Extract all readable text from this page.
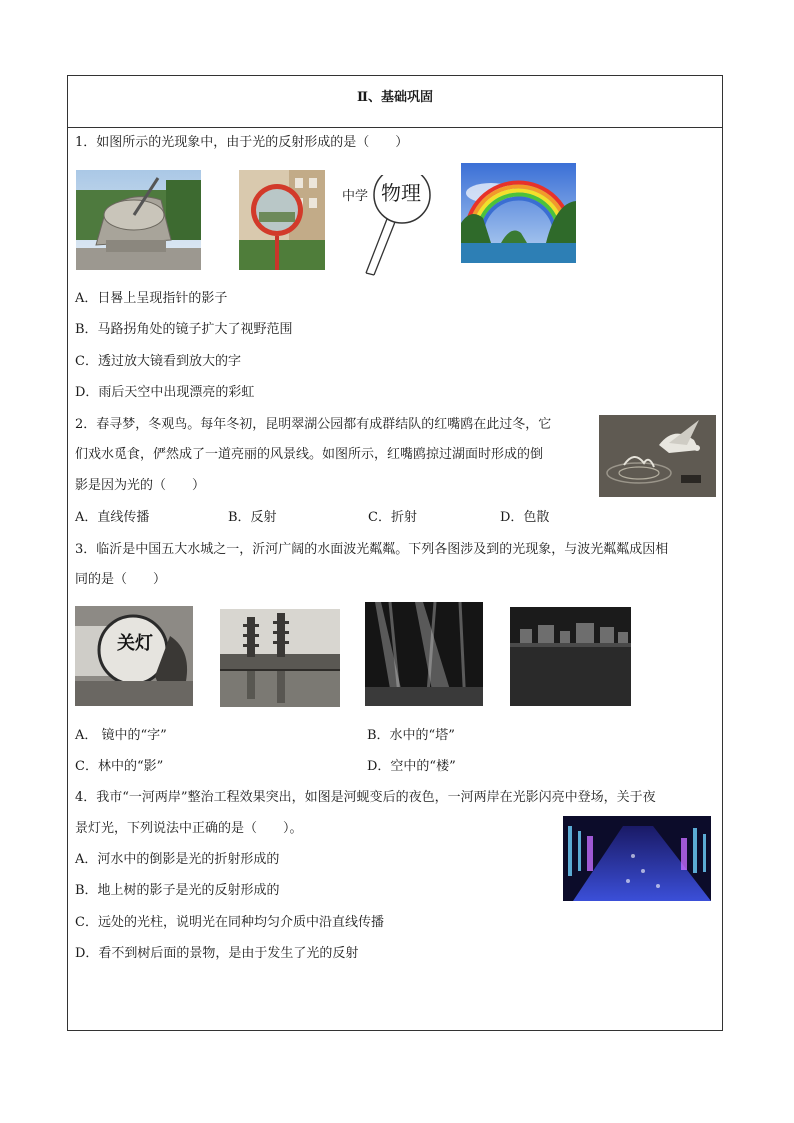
Ⅱ、基础巩固
1．如图所示的光现象中，由于光的反射形成的是（　　）
中学 物理
A．日晷上呈现指针的影子
B．马路拐角处的镜子扩大了视野范围
C．透过放大镜看到放大的字
D．雨后天空中出现漂亮的彩虹
2．春寻梦，冬观鸟。每年冬初，昆明翠湖公园都有成群结队的红嘴鸥在此过冬，它
们戏水觅食，俨然成了一道亮丽的风景线。如图所示，红嘴鸥掠过湖面时形成的倒
影是因为光的（　　）
A．直线传播	B．反射	C．折射	D．色散
3．临沂是中国五大水城之一，沂河广阔的水面波光粼粼。下列各图涉及到的光现象，与波光粼粼成因相
同的是（　　）
关灯
A． 镜中的“字”	B．水中的“塔”
C．林中的“影”	D．空中的“楼”
4．我市“一河两岸”整治工程效果突出，如图是河蚬变后的夜色，一河两岸在光影闪亮中登场，关于夜
景灯光，下列说法中正确的是（　　）。
A．河水中的倒影是光的折射形成的
B．地上树的影子是光的反射形成的
C．远处的光柱，说明光在同种均匀介质中沿直线传播
D．看不到树后面的景物，是由于发生了光的反射
